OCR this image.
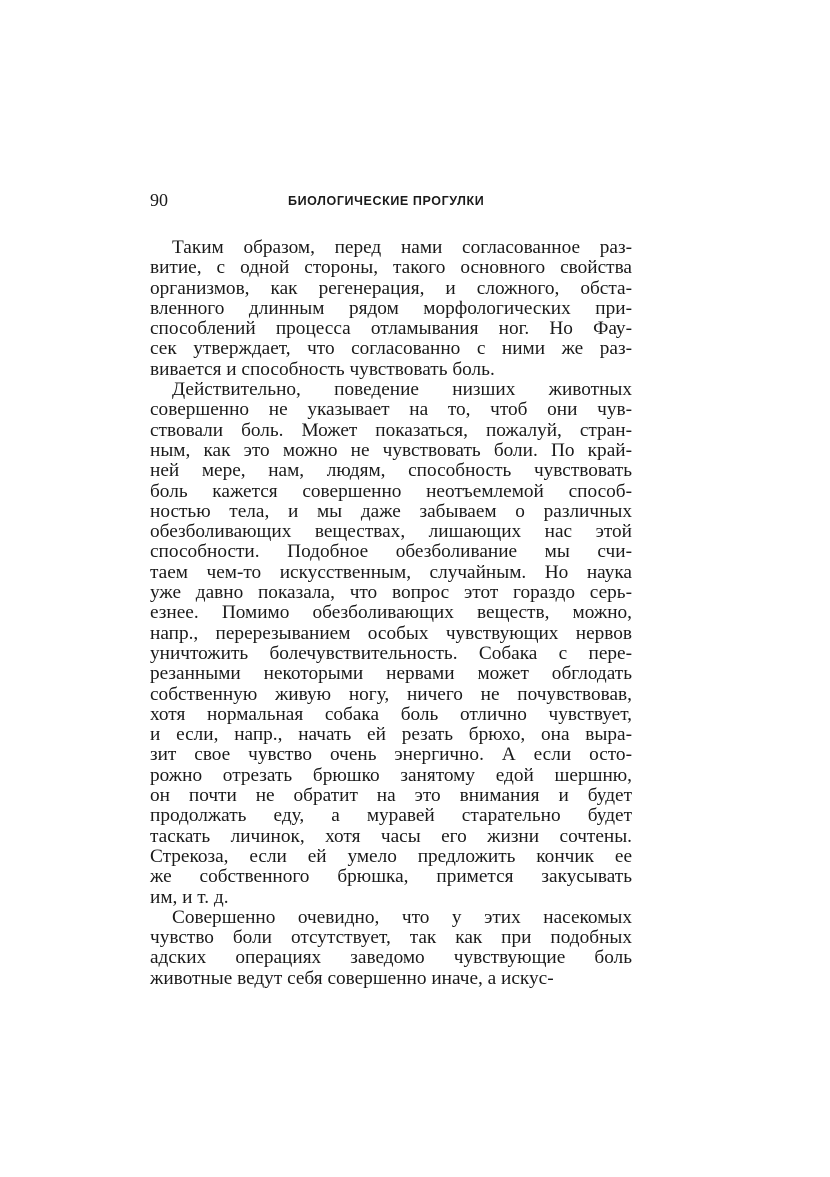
90	БИОЛОГИЧЕСКИЕ ПРОГУЛКИ
Таким образом, перед нами согласованное раз-
витие, с одной стороны, такого основного свойства
организмов, как регенерация, и сложного, обста-
вленного длинным рядом морфологических при-
способлений процесса отламывания ног. Но Фау-
сек утверждает, что согласованно с ними же раз-
вивается и способность чувствовать боль.
Действительно, поведение низших животных
совершенно не указывает на то, чтоб они чув-
ствовали боль. Может показаться, пожалуй, стран-
ным, как это можно не чувствовать боли. По край-
ней мере, нам, людям, способность чувствовать
боль кажется совершенно неотъемлемой способ-
ностью тела, и мы даже забываем о различных
обезболивающих веществах, лишающих нас этой
способности. Подобное обезболивание мы счи-
таем чем-то искусственным, случайным. Но наука
уже давно показала, что вопрос этот гораздо серь-
езнее. Помимо обезболивающих веществ, можно,
напр., перерезыванием особых чувствующих нервов
уничтожить болечувствительность. Собака с пере-
резанными некоторыми нервами может обглодать
собственную живую ногу, ничего не почувствовав,
хотя нормальная собака боль отлично чувствует,
и если, напр., начать ей резать брюхо, она выра-
зит свое чувство очень энергично. А если осто-
рожно отрезать брюшко занятому едой шершню,
он почти не обратит на это внимания и будет
продолжать еду, а муравей старательно будет
таскать личинок, хотя часы его жизни сочтены.
Стрекоза, если ей умело предложить кончик ее
же собственного брюшка, примется закусывать
им, и т. д.
Совершенно очевидно, что у этих насекомых
чувство боли отсутствует, так как при подобных
адских операциях заведомо чувствующие боль
животные ведут себя совершенно иначе, а искус-
